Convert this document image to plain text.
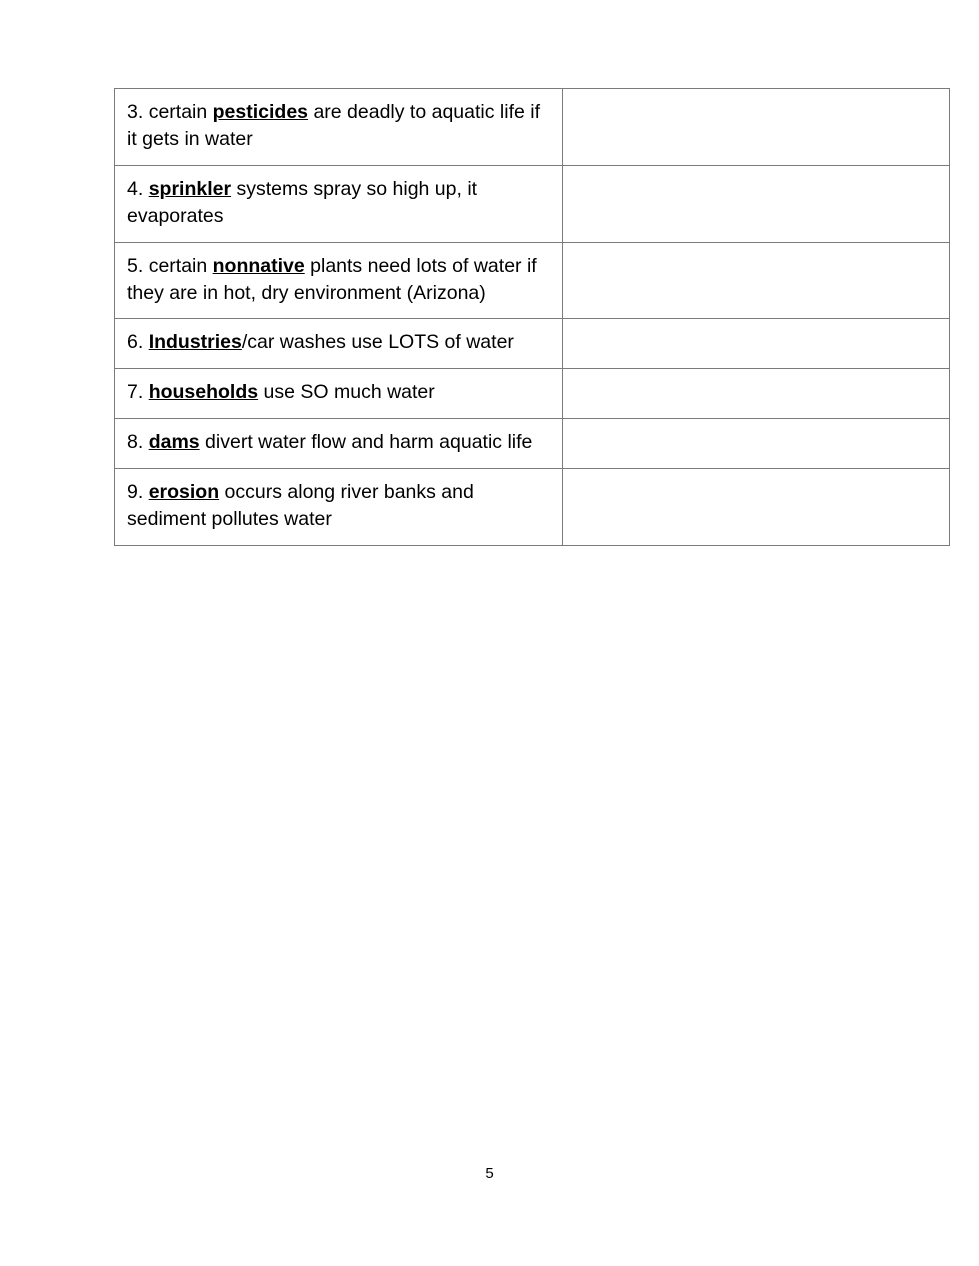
3. certain pesticides are deadly to aquatic life if it gets in water	

4. sprinkler systems spray so high up, it evaporates	

5. certain nonnative plants need lots of water if they are in hot, dry environment (Arizona)	

6. Industries/car washes use LOTS of water	

7. households use SO much water	

8. dams divert water flow and harm aquatic life	

9. erosion occurs along river banks and sediment pollutes water	

5
